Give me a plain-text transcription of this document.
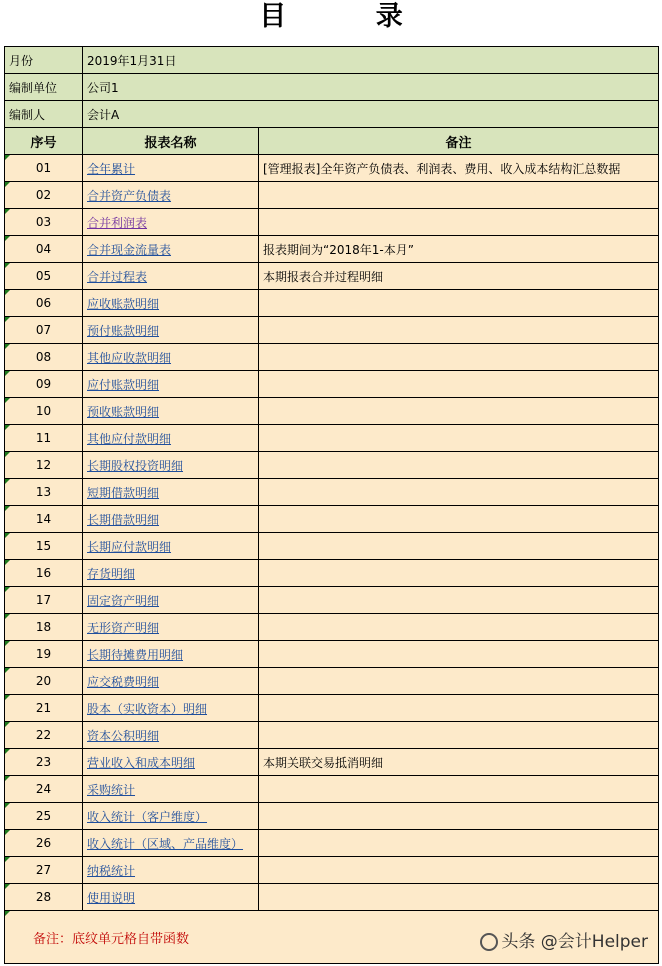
目 录
月份	2019年1月31日	
编制单位	公司1	
编制人	会计A	
序号	报表名称	备注
01	全年累计	[管理报表]全年资产负债表、利润表、费用、收入成本结构汇总数据
02	合并资产负债表	
03	合并利润表	
04	合并现金流量表	报表期间为“2018年1-本月”
05	合并过程表	本期报表合并过程明细
06	应收账款明细	
07	预付账款明细	
08	其他应收款明细	
09	应付账款明细	
10	预收账款明细	
11	其他应付款明细	
12	长期股权投资明细	
13	短期借款明细	
14	长期借款明细	
15	长期应付款明细	
16	存货明细	
17	固定资产明细	
18	无形资产明细	
19	长期待摊费用明细	
20	应交税费明细	
21	股本（实收资本）明细	
22	资本公积明细	
23	营业收入和成本明细	本期关联交易抵消明细
24	采购统计	
25	收入统计（客户维度）	
26	收入统计（区域、产品维度）	
27	纳税统计	
28	使用说明	
备注：底纹单元格自带函数			头条 @会计Helper
